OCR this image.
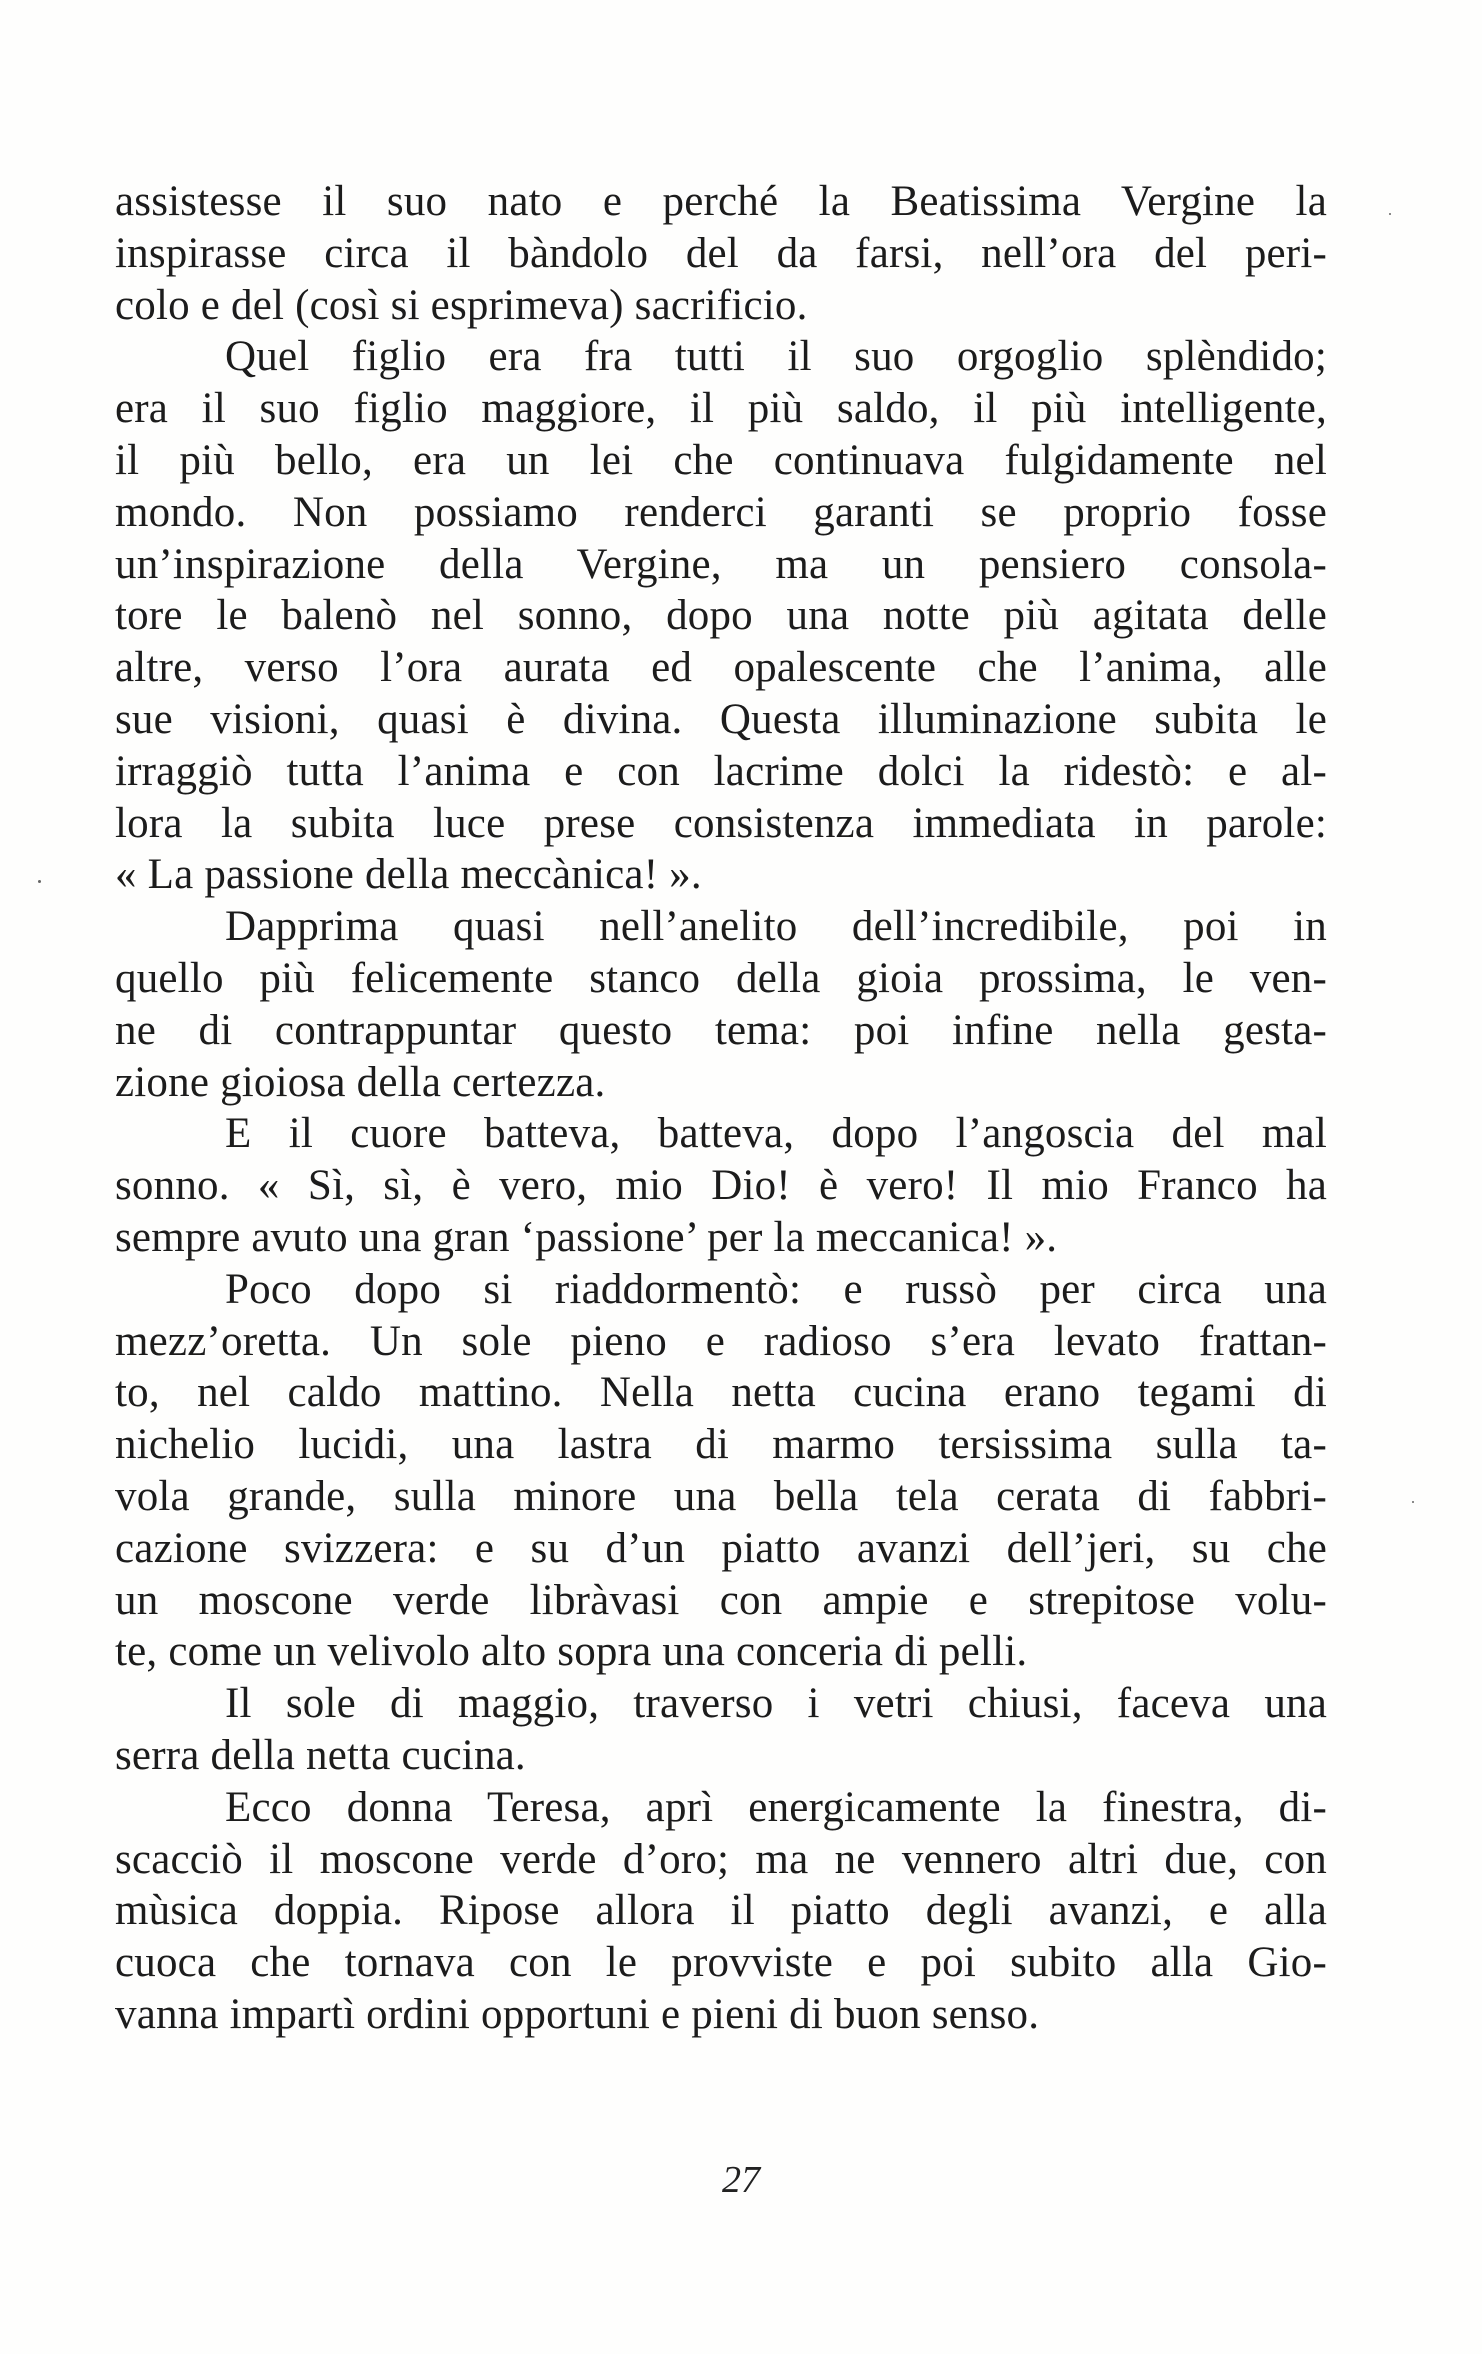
assistesse il suo nato e perché la Beatissima Vergine la
inspirasse circa il bàndolo del da farsi, nell’ora del peri-
colo e del (così si esprimeva) sacrificio.
Quel figlio era fra tutti il suo orgoglio splèndido;
era il suo figlio maggiore, il più saldo, il più intelligente,
il più bello, era un lei che continuava fulgidamente nel
mondo. Non possiamo renderci garanti se proprio fosse
un’inspirazione della Vergine, ma un pensiero consola-
tore le balenò nel sonno, dopo una notte più agitata delle
altre, verso l’ora aurata ed opalescente che l’anima, alle
sue visioni, quasi è divina. Questa illuminazione subita le
irraggiò tutta l’anima e con lacrime dolci la ridestò: e al-
lora la subita luce prese consistenza immediata in parole:
« La passione della meccànica! ».
Dapprima quasi nell’anelito dell’incredibile, poi in
quello più felicemente stanco della gioia prossima, le ven-
ne di contrappuntar questo tema: poi infine nella gesta-
zione gioiosa della certezza.
E il cuore batteva, batteva, dopo l’angoscia del mal
sonno. « Sì, sì, è vero, mio Dio! è vero! Il mio Franco ha
sempre avuto una gran ‘passione’ per la meccanica! ».
Poco dopo si riaddormentò: e russò per circa una
mezz’oretta. Un sole pieno e radioso s’era levato frattan-
to, nel caldo mattino. Nella netta cucina erano tegami di
nichelio lucidi, una lastra di marmo tersissima sulla ta-
vola grande, sulla minore una bella tela cerata di fabbri-
cazione svizzera: e su d’un piatto avanzi dell’jeri, su che
un moscone verde libràvasi con ampie e strepitose volu-
te, come un velivolo alto sopra una conceria di pelli.
Il sole di maggio, traverso i vetri chiusi, faceva una
serra della netta cucina.
Ecco donna Teresa, aprì energicamente la finestra, di-
scacciò il moscone verde d’oro; ma ne vennero altri due, con
mùsica doppia. Ripose allora il piatto degli avanzi, e alla
cuoca che tornava con le provviste e poi subito alla Gio-
vanna impartì ordini opportuni e pieni di buon senso.
27
